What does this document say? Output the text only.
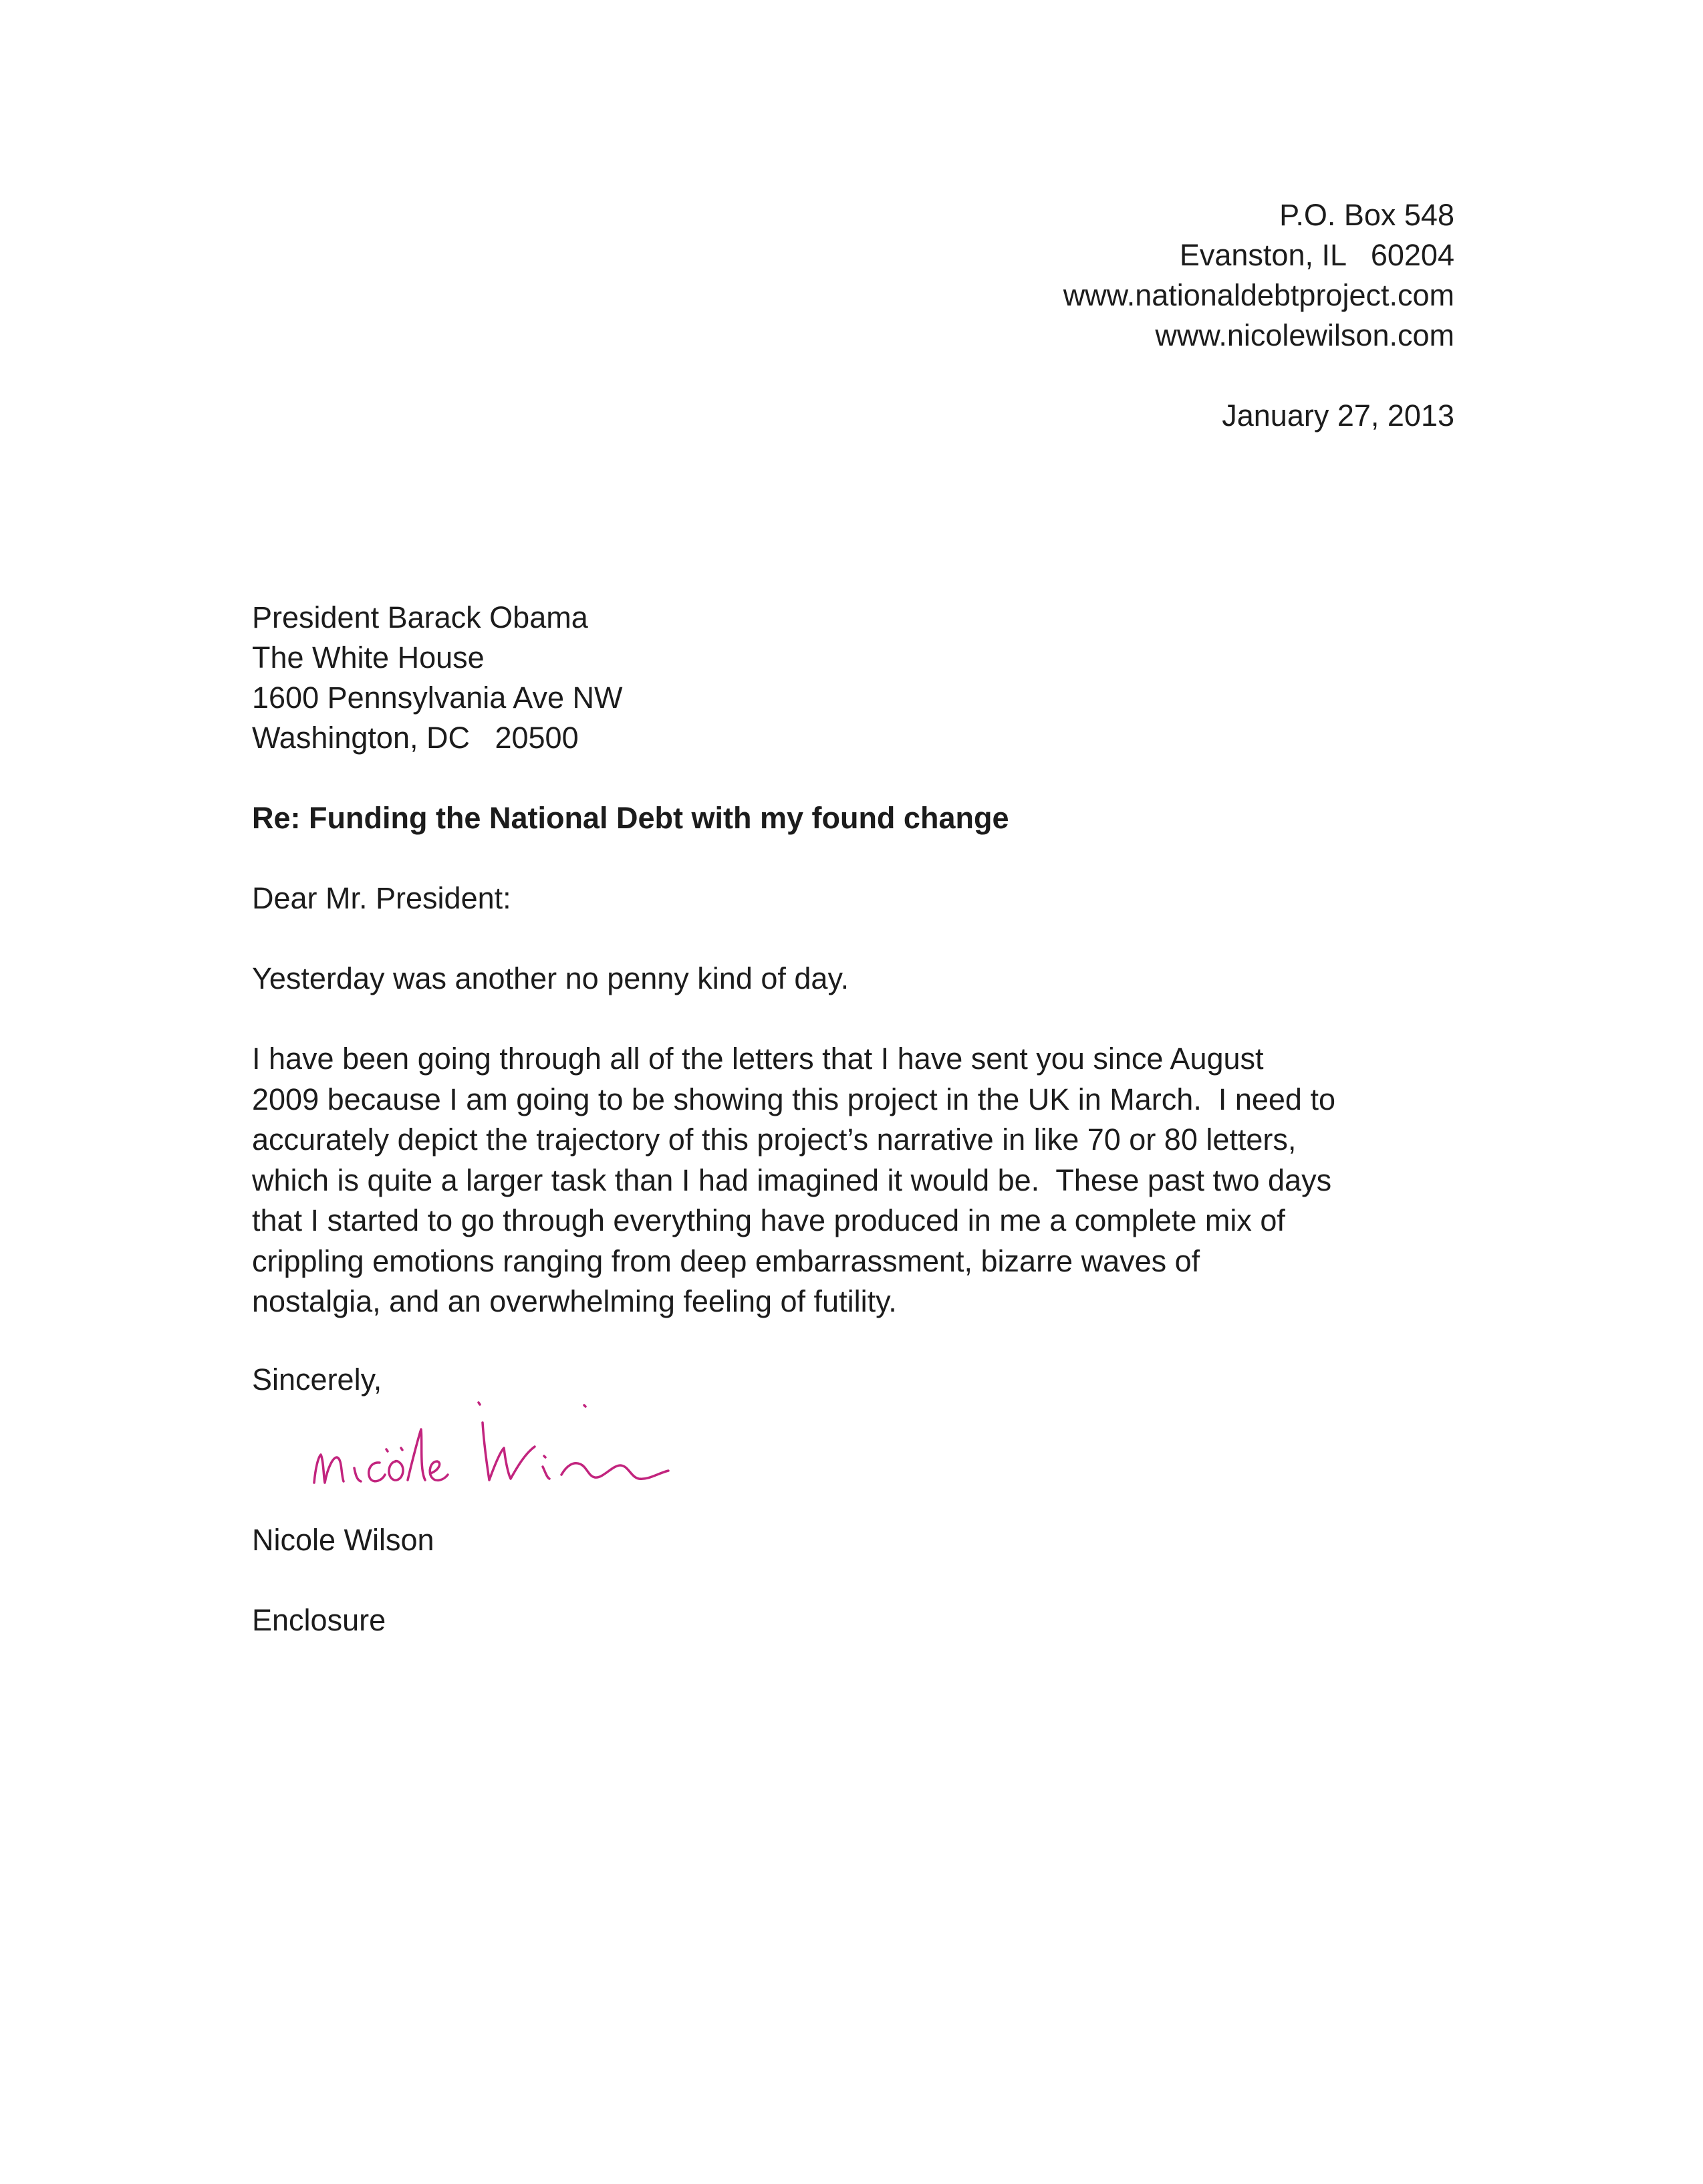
P.O. Box 548
Evanston, IL   60204
www.nationaldebtproject.com
www.nicolewilson.com
January 27, 2013
President Barack Obama
The White House
1600 Pennsylvania Ave NW
Washington, DC   20500
Re: Funding the National Debt with my found change
Dear Mr. President:
Yesterday was another no penny kind of day.
I have been going through all of the letters that I have sent you since August
2009 because I am going to be showing this project in the UK in March.  I need to
accurately depict the trajectory of this project’s narrative in like 70 or 80 letters,
which is quite a larger task than I had imagined it would be.  These past two days
that I started to go through everything have produced in me a complete mix of
crippling emotions ranging from deep embarrassment, bizarre waves of
nostalgia, and an overwhelming feeling of futility.
Sincerely,
Nicole Wilson
Enclosure
